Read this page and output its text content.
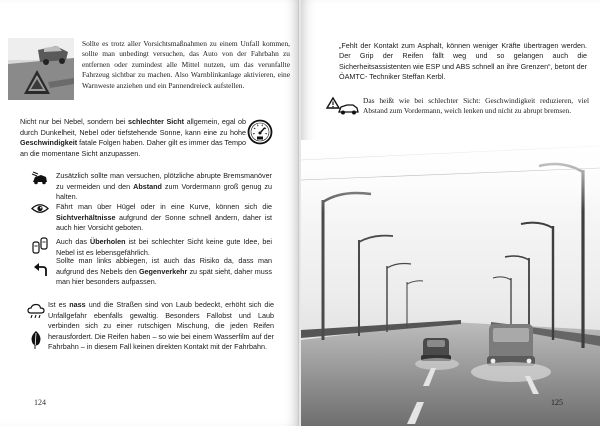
Sollte es trotz aller Vorsichtsmaßnahmen zu einem Unfall kommen, sollte man unbedingt versuchen, das Auto von der Fahrbahn zu entfernen oder zumindest alle Mittel nutzen, um das verunfallte Fahrzeug sichtbar zu machen. Also Warnblinkanlage aktivieren, eine Warnweste anziehen und ein Pannendreieck aufstellen.
Nicht nur bei Nebel, sondern bei schlechter Sicht allgemein, egal ob durch Dunkelheit, Nebel oder tiefstehende Sonne, kann eine zu hohe Geschwindigkeit fatale Folgen haben. Daher gilt es immer das Tempo an die momentane Sicht anzupassen.
Zusätzlich sollte man versuchen, plötzliche abrupte Bremsmanöver zu vermeiden und den Abstand zum Vordermann groß genug zu halten.
Fährt man über Hügel oder in eine Kurve, können sich die Sichtverhältnisse aufgrund der Sonne schnell ändern, daher ist auch hier Vorsicht geboten.
Auch das Überholen ist bei schlechter Sicht keine gute Idee, bei Nebel ist es lebensgefährlich.
Sollte man links abbiegen, ist auch das Risiko da, dass man aufgrund des Nebels den Gegenverkehr zu spät sieht, daher muss man hier besonders aufpassen.
Ist es nass und die Straßen sind von Laub bedeckt, erhöht sich die Unfallgefahr ebenfalls gewaltig. Besonders Fallobst und Laub verbinden sich zu einer rutschigen Mischung, die jeden Reifen herausfordert. Die Reifen haben – so wie bei einem Wasserfilm auf der Fahrbahn – in diesem Fall keinen direkten Kontakt mit der Fahrbahn.
124
„Fehlt der Kontakt zum Asphalt, können weniger Kräfte übertragen werden. Der Grip der Reifen fällt weg und so gelangen auch die Sicherheitsassistenten wie ESP und ABS schnell an ihre Grenzen“, betont der ÖAMTC- Techniker Steffan Kerbl.
Das heißt wie bei schlechter Sicht: Geschwindigkeit reduzieren, viel Abstand zum Vordermann, weich lenken und nicht zu abrupt bremsen.
125
